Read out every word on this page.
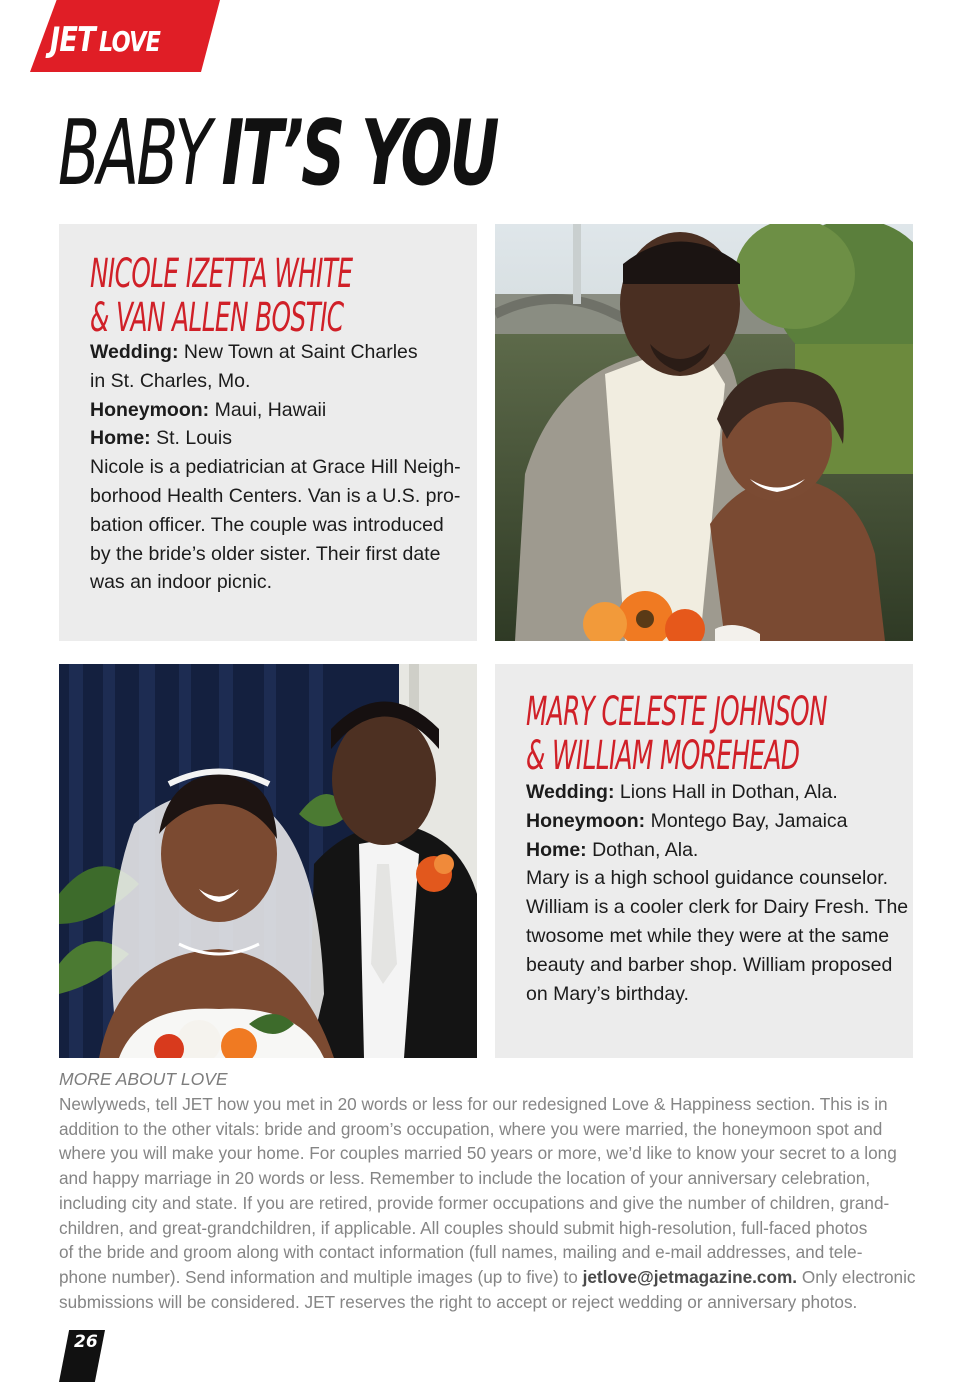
JET LOVE
BABY IT’S YOU
NICOLE IZETTA WHITE
& VAN ALLEN BOSTIC
Wedding: New Town at Saint Charles
in St. Charles, Mo.
Honeymoon: Maui, Hawaii
Home: St. Louis
Nicole is a pediatrician at Grace Hill Neigh-
borhood Health Centers. Van is a U.S. pro-
bation officer. The couple was introduced
by the bride’s older sister. Their first date
was an indoor picnic.
MARY CELESTE JOHNSON
& WILLIAM MOREHEAD
Wedding: Lions Hall in Dothan, Ala.
Honeymoon: Montego Bay, Jamaica
Home: Dothan, Ala.
Mary is a high school guidance counselor.
William is a cooler clerk for Dairy Fresh. The
twosome met while they were at the same
beauty and barber shop. William proposed
on Mary’s birthday.
MORE ABOUT LOVE
Newlyweds, tell JET how you met in 20 words or less for our redesigned Love & Happiness section. This is in
addition to the other vitals: bride and groom’s occupation, where you were married, the honeymoon spot and
where you will make your home. For couples married 50 years or more, we’d like to know your secret to a long
and happy marriage in 20 words or less. Remember to include the location of your anniversary celebration,
including city and state. If you are retired, provide former occupations and give the number of children, grand-
children, and great-grandchildren, if applicable. All couples should submit high-resolution, full-faced photos
of the bride and groom along with contact information (full names, mailing and e-mail addresses, and tele-
phone number). Send information and multiple images (up to five) to jetlove@jetmagazine.com. Only electronic
submissions will be considered. JET reserves the right to accept or reject wedding or anniversary photos.
26
